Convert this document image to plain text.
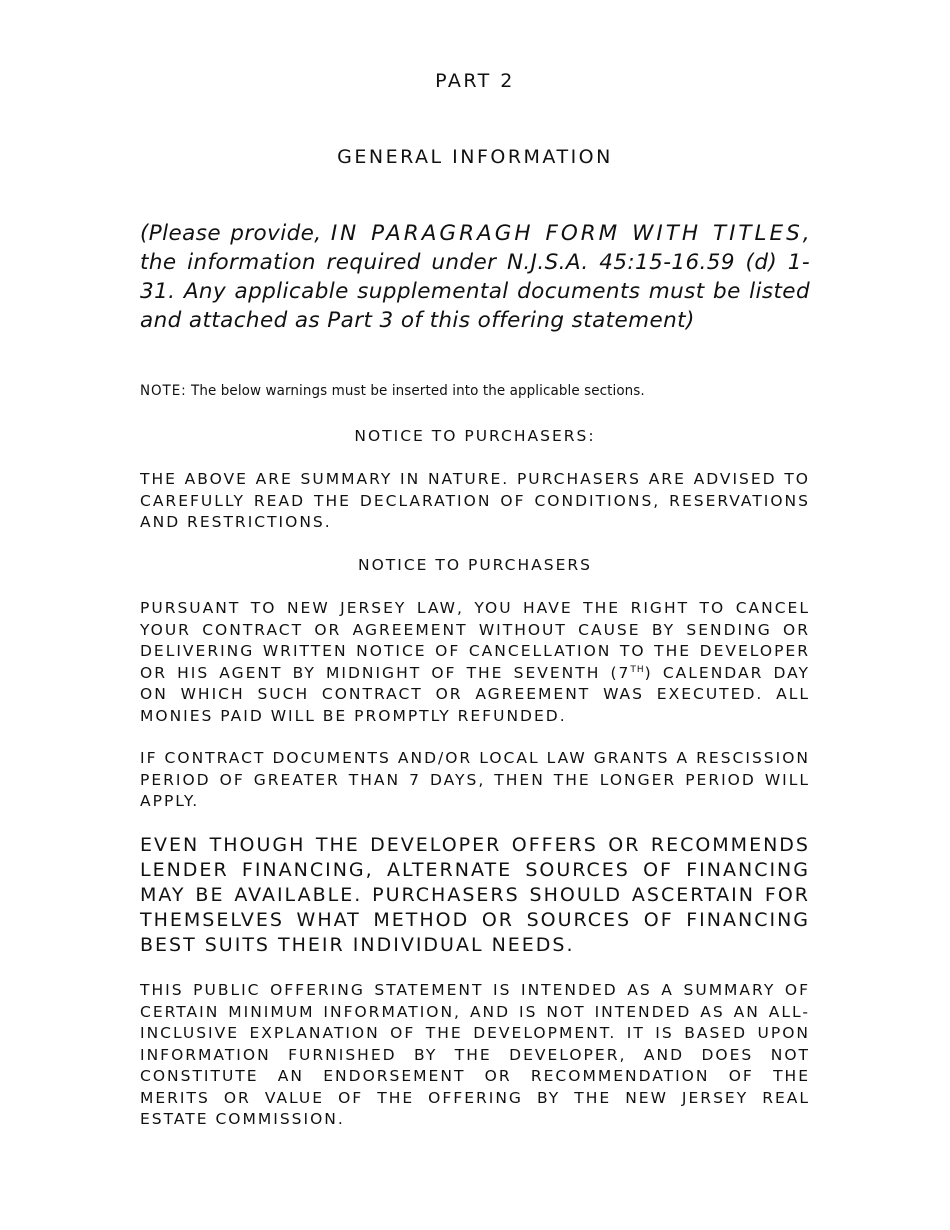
PART 2
GENERAL INFORMATION

(Please provide, IN PARAGRAGH FORM WITH TITLES, the information required under N.J.S.A. 45:15-16.59 (d) 1-31. Any applicable supplemental documents must be listed and attached as Part 3 of this offering statement)

NOTE: The below warnings must be inserted into the applicable sections.

NOTICE TO PURCHASERS:

THE ABOVE ARE SUMMARY IN NATURE. PURCHASERS ARE ADVISED TO CAREFULLY READ THE DECLARATION OF CONDITIONS, RESERVATIONS AND RESTRICTIONS.

NOTICE TO PURCHASERS

PURSUANT TO NEW JERSEY LAW, YOU HAVE THE RIGHT TO CANCEL YOUR CONTRACT OR AGREEMENT WITHOUT CAUSE BY SENDING OR DELIVERING WRITTEN NOTICE OF CANCELLATION TO THE DEVELOPER OR HIS AGENT BY MIDNIGHT OF THE SEVENTH (7TH) CALENDAR DAY ON WHICH SUCH CONTRACT OR AGREEMENT WAS EXECUTED. ALL MONIES PAID WILL BE PROMPTLY REFUNDED.

IF CONTRACT DOCUMENTS AND/OR LOCAL LAW GRANTS A RESCISSION PERIOD OF GREATER THAN 7 DAYS, THEN THE LONGER PERIOD WILL APPLY.

EVEN THOUGH THE DEVELOPER OFFERS OR RECOMMENDS LENDER FINANCING, ALTERNATE SOURCES OF FINANCING MAY BE AVAILABLE. PURCHASERS SHOULD ASCERTAIN FOR THEMSELVES WHAT METHOD OR SOURCES OF FINANCING BEST SUITS THEIR INDIVIDUAL NEEDS.

THIS PUBLIC OFFERING STATEMENT IS INTENDED AS A SUMMARY OF CERTAIN MINIMUM INFORMATION, AND IS NOT INTENDED AS AN ALL-INCLUSIVE EXPLANATION OF THE DEVELOPMENT. IT IS BASED UPON INFORMATION FURNISHED BY THE DEVELOPER, AND DOES NOT CONSTITUTE AN ENDORSEMENT OR RECOMMENDATION OF THE MERITS OR VALUE OF THE OFFERING BY THE NEW JERSEY REAL ESTATE COMMISSION.
